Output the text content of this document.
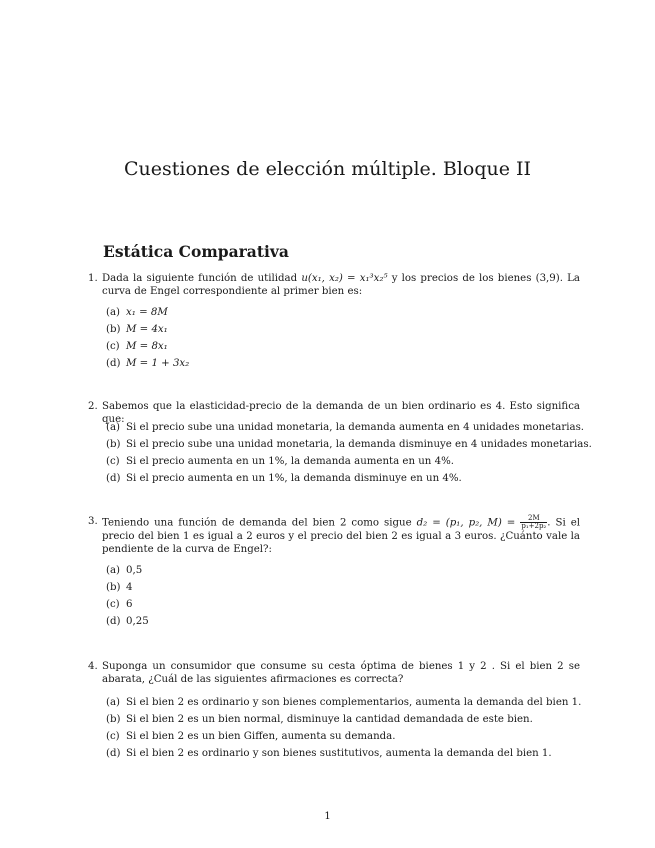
Cuestiones de elección múltiple. Bloque II
Estática Comparativa
1. Dada la siguiente función de utilidad u(x₁, x₂) = x₁³x₂⁵ y los precios de los bienes (3,9). La curva de Engel correspondiente al primer bien es:
(a) x₁ = 8M
(b) M = 4x₁
(c) M = 8x₁
(d) M = 1 + 3x₂
2. Sabemos que la elasticidad-precio de la demanda de un bien ordinario es 4. Esto significa que:
(a) Si el precio sube una unidad monetaria, la demanda aumenta en 4 unidades monetarias.
(b) Si el precio sube una unidad monetaria, la demanda disminuye en 4 unidades monetarias.
(c) Si el precio aumenta en un 1%, la demanda aumenta en un 4%.
(d) Si el precio aumenta en un 1%, la demanda disminuye en un 4%.
3. Teniendo una función de demanda del bien 2 como sigue d₂ = (p₁, p₂, $M) = \frac{2M}{\text{p₁+2p₂}}$ . Si el precio del bien 1 es igual a 2 euros y el precio del bien 2 es igual a 3 euros. ¿Cuánto vale la pendiente de la curva de Engel?:
(a) 0,5
(b) 4
(c) 6
(d) 0,25
4. Suponga un consumidor que consume su cesta óptima de bienes 1 y 2 . Si el bien 2 se abarata, ¿Cuál de las siguientes afirmaciones es correcta?
(a) Si el bien 2 es ordinario y son bienes complementarios, aumenta la demanda del bien 1.
(b) Si el bien 2 es un bien normal, disminuye la cantidad demandada de este bien.
(c) Si el bien 2 es un bien Giffen, aumenta su demanda.
(d) Si el bien 2 es ordinario y son bienes sustitutivos, aumenta la demanda del bien 1.
1
